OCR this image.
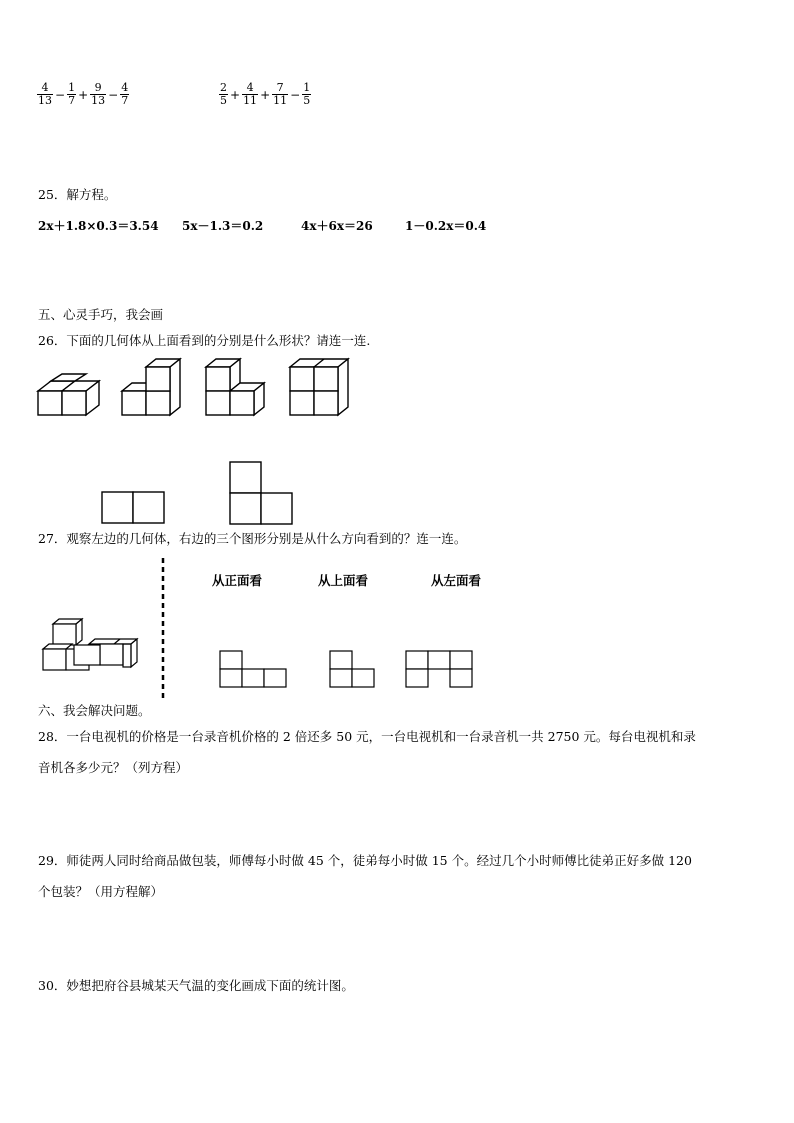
$\frac{4}{13} - \frac{1}{7} + \frac{9}{13} - \frac{4}{7}$	$\frac{2}{5} + \frac{4}{11} + \frac{7}{11} - \frac{1}{5}$
25．解方程。
2x＋1.8×0.3＝3.54 5x－1.3＝0.2	4x＋6x＝26	1－0.2x＝0.4
五、心灵手巧，我会画
26．下面的几何体从上面看到的分别是什么形状？请连一连.
27．观察左边的几何体，右边的三个图形分别是从什么方向看到的？连一连。
从正面看	从上面看	从左面看
六、我会解决问题。
28．一台电视机的价格是一台录音机价格的 2 倍还多 50 元，一台电视机和一台录音机一共 2750 元。每台电视机和录
音机各多少元？（列方程）
29．师徒两人同时给商品做包装，师傅每小时做 45 个，徒弟每小时做 15 个。经过几个小时师傅比徒弟正好多做 120
个包装？（用方程解）
30．妙想把府谷县城某天气温的变化画成下面的统计图。
